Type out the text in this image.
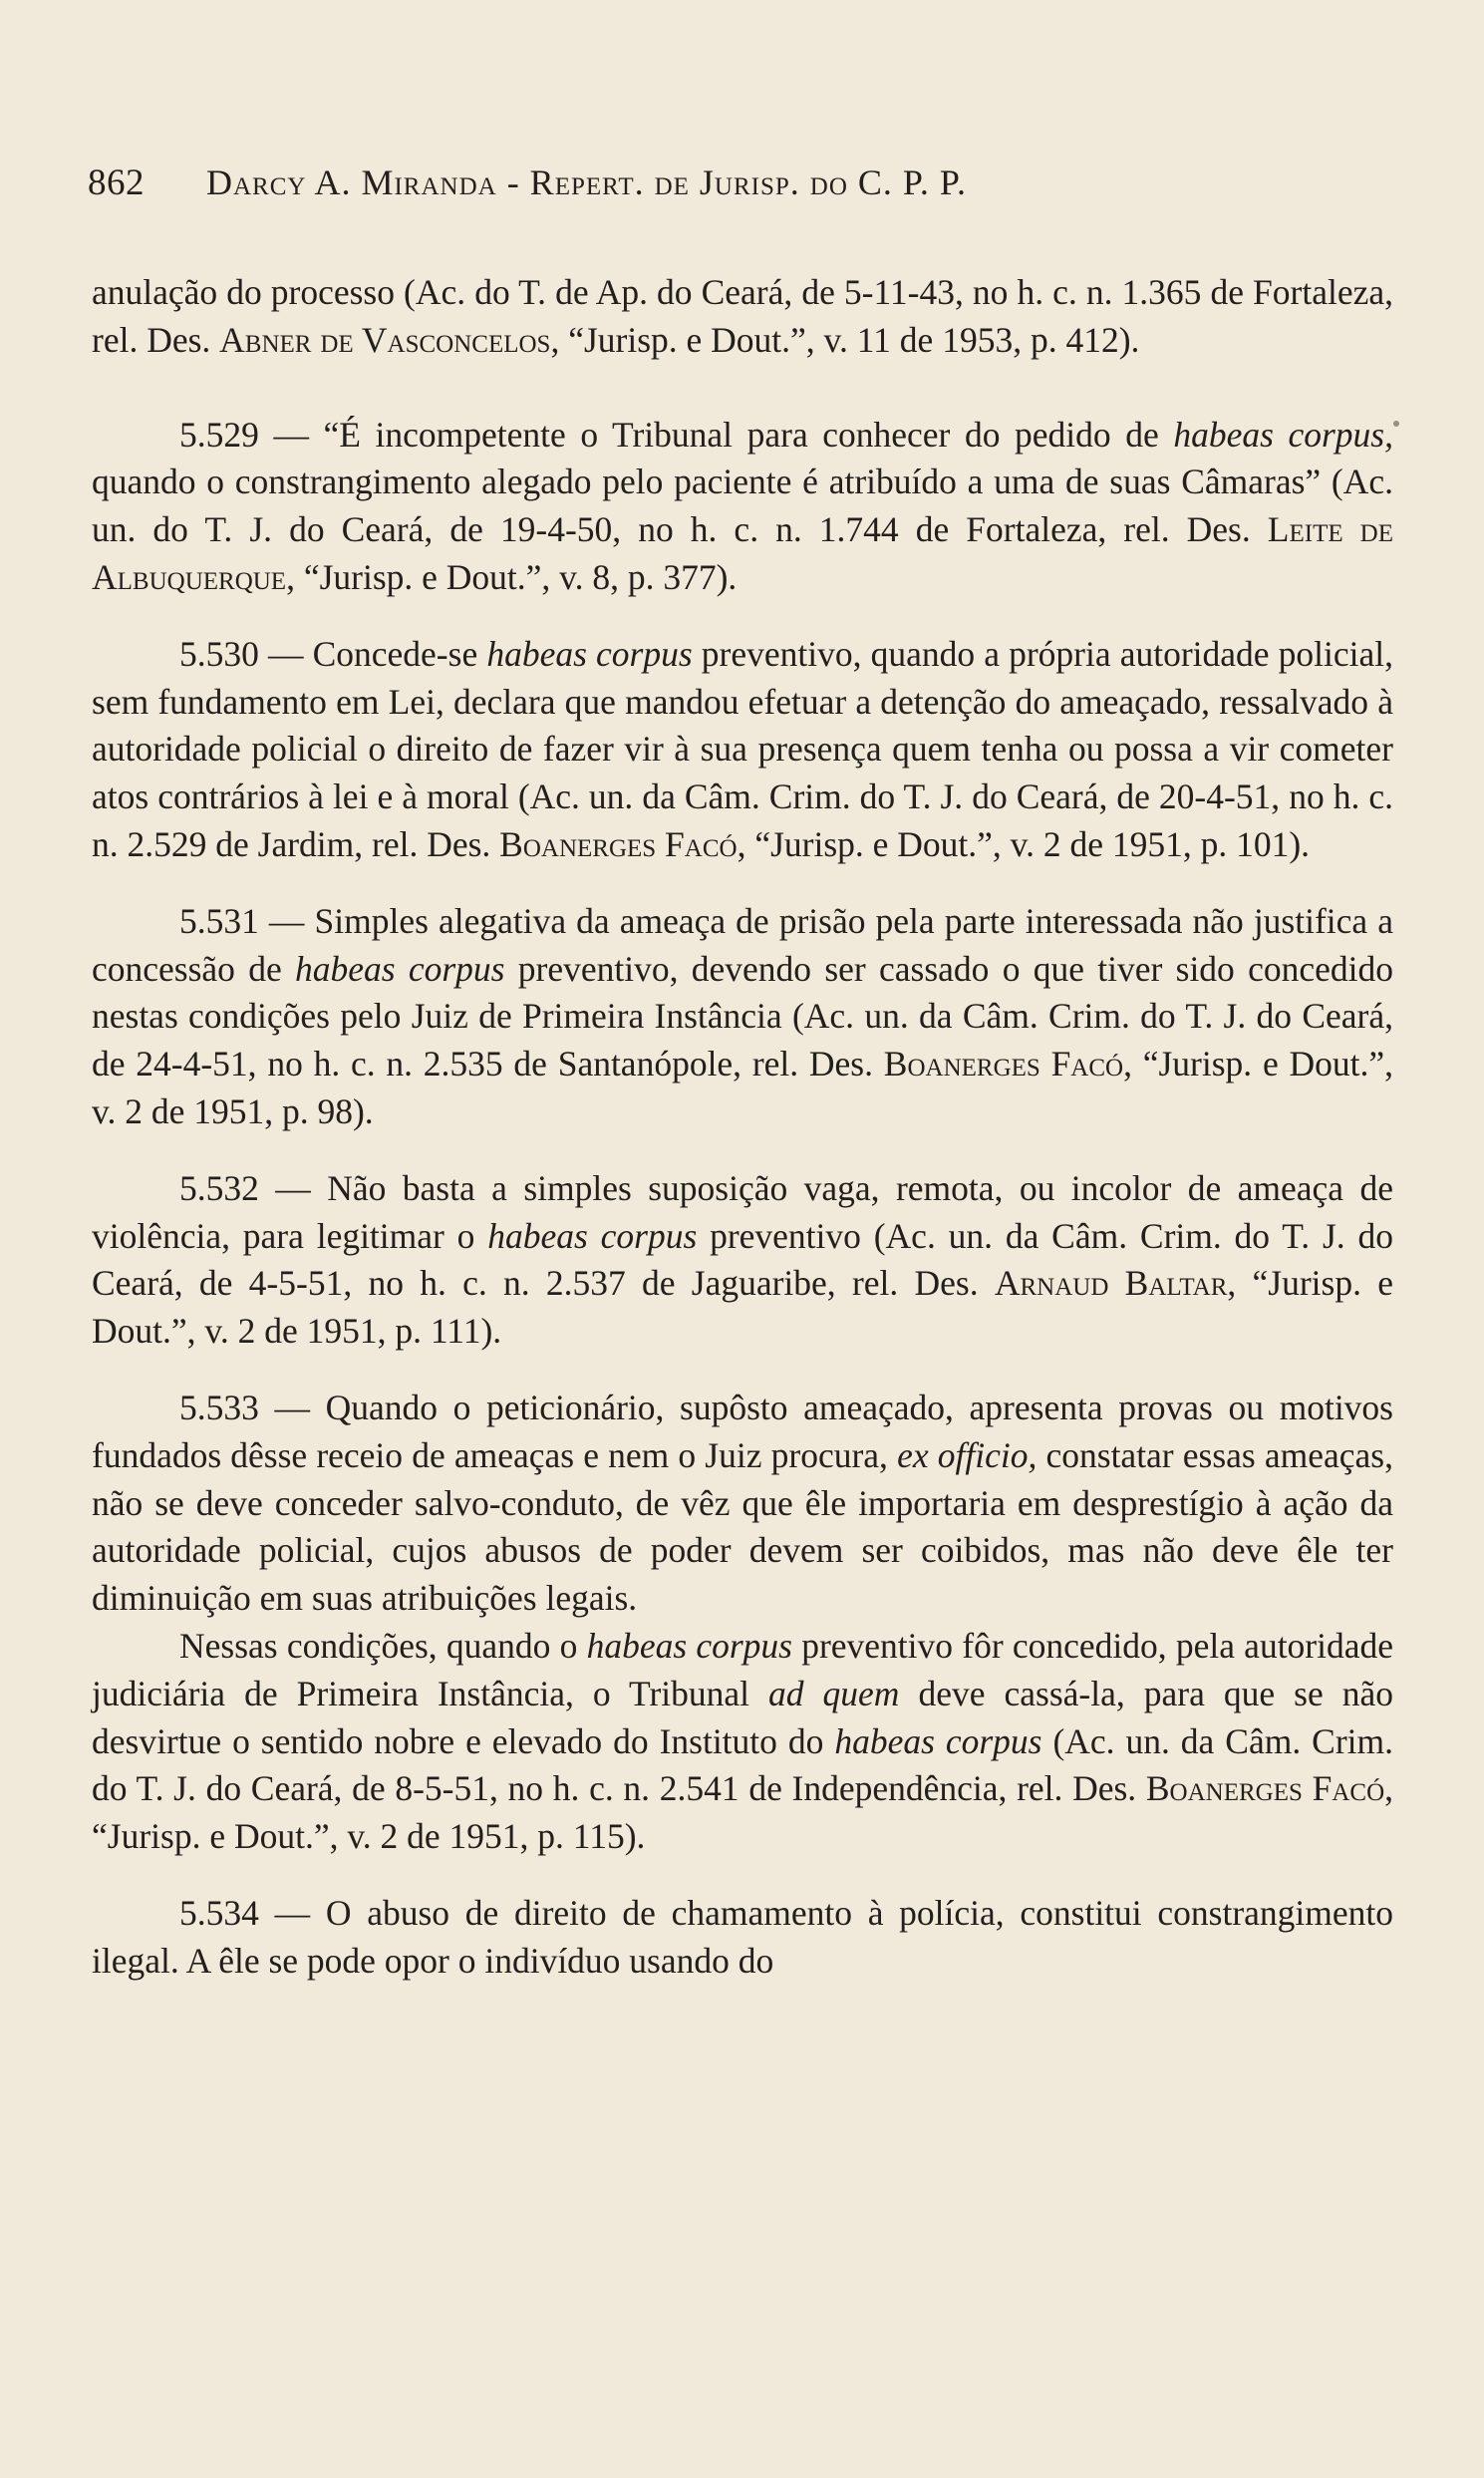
862 Darcy A. Miranda - Repert. de Jurisp. do C. P. P.

anulação do processo (Ac. do T. de Ap. do Ceará, de 5-11-43, no h. c. n. 1.365 de Fortaleza, rel. Des. Abner de Vasconcelos, “Jurisp. e Dout.”, v. 11 de 1953, p. 412).

5.529 — “É incompetente o Tribunal para conhecer do pedido de habeas corpus, quando o constrangimento alegado pelo paciente é atribuído a uma de suas Câmaras” (Ac. un. do T. J. do Ceará, de 19-4-50, no h. c. n. 1.744 de Fortaleza, rel. Des. Leite de Albuquerque, “Jurisp. e Dout.”, v. 8, p. 377).

5.530 — Concede-se habeas corpus preventivo, quando a própria autoridade policial, sem fundamento em Lei, declara que mandou efetuar a detenção do ameaçado, ressalvado à autoridade policial o direito de fazer vir à sua presença quem tenha ou possa a vir cometer atos contrários à lei e à moral (Ac. un. da Câm. Crim. do T. J. do Ceará, de 20-4-51, no h. c. n. 2.529 de Jardim, rel. Des. Boanerges Facó, “Jurisp. e Dout.”, v. 2 de 1951, p. 101).

5.531 — Simples alegativa da ameaça de prisão pela parte interessada não justifica a concessão de habeas corpus preventivo, devendo ser cassado o que tiver sido concedido nestas condições pelo Juiz de Primeira Instância (Ac. un. da Câm. Crim. do T. J. do Ceará, de 24-4-51, no h. c. n. 2.535 de Santanópole, rel. Des. Boanerges Facó, “Jurisp. e Dout.”, v. 2 de 1951, p. 98).

5.532 — Não basta a simples suposição vaga, remota, ou incolor de ameaça de violência, para legitimar o habeas corpus preventivo (Ac. un. da Câm. Crim. do T. J. do Ceará, de 4-5-51, no h. c. n. 2.537 de Jaguaribe, rel. Des. Arnaud Baltar, “Jurisp. e Dout.”, v. 2 de 1951, p. 111).

5.533 — Quando o peticionário, supôsto ameaçado, apresenta provas ou motivos fundados dêsse receio de ameaças e nem o Juiz procura, ex officio, constatar essas ameaças, não se deve conceder salvo-conduto, de vêz que êle importaria em desprestígio à ação da autoridade policial, cujos abusos de poder devem ser coibidos, mas não deve êle ter diminuição em suas atribuições legais.

Nessas condições, quando o habeas corpus preventivo fôr concedido, pela autoridade judiciária de Primeira Instância, o Tribunal ad quem deve cassá-la, para que se não desvirtue o sentido nobre e elevado do Instituto do habeas corpus (Ac. un. da Câm. Crim. do T. J. do Ceará, de 8-5-51, no h. c. n. 2.541 de Independência, rel. Des. Boanerges Facó, “Jurisp. e Dout.”, v. 2 de 1951, p. 115).

5.534 — O abuso de direito de chamamento à polícia, constitui constrangimento ilegal. A êle se pode opor o indivíduo usando do
